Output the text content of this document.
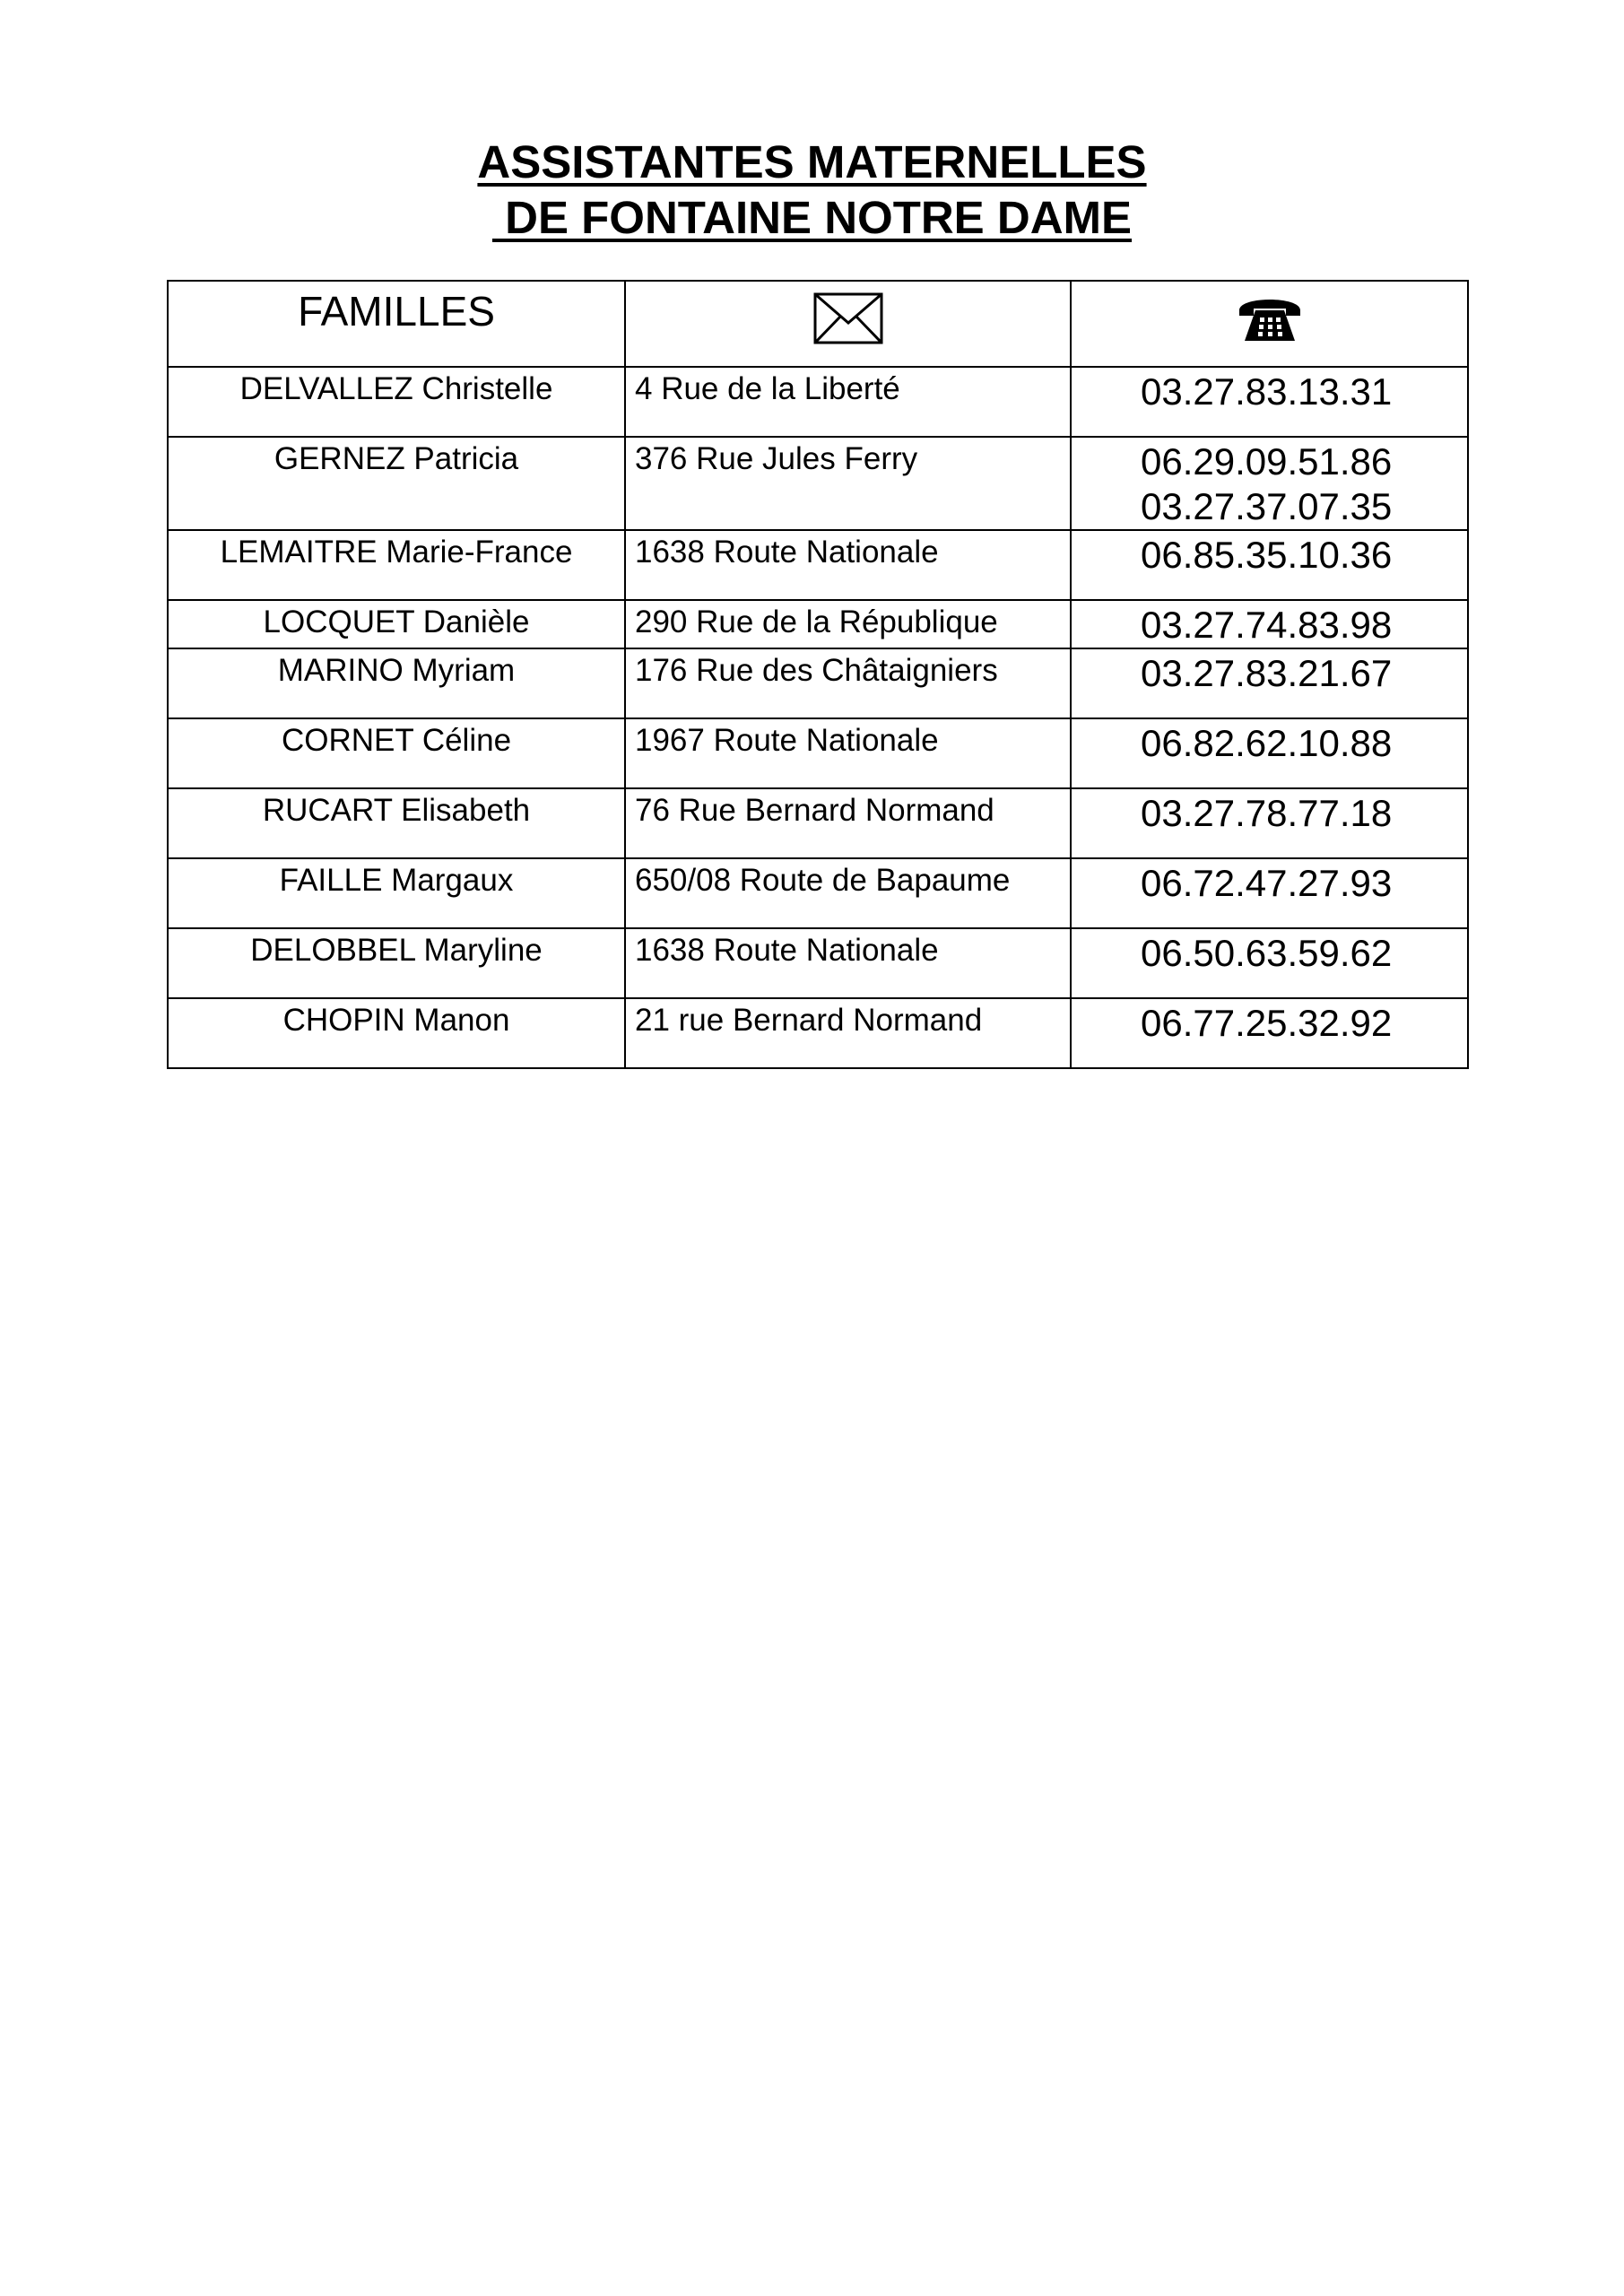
ASSISTANTES MATERNELLES
DE FONTAINE NOTRE DAME
FAMILLES		
DELVALLEZ Christelle	4 Rue de la Liberté	03.27.83.13.31

GERNEZ Patricia	376 Rue Jules Ferry	06.29.09.51.86
03.27.37.07.35

LEMAITRE Marie-France	1638 Route Nationale	06.85.35.10.36

LOCQUET Danièle	290 Rue de la République	03.27.74.83.98

MARINO Myriam	176 Rue des Châtaigniers	03.27.83.21.67

CORNET Céline	1967 Route Nationale	06.82.62.10.88

RUCART Elisabeth	76 Rue Bernard Normand	03.27.78.77.18

FAILLE Margaux	650/08 Route de Bapaume	06.72.47.27.93

DELOBBEL Maryline	1638 Route Nationale	06.50.63.59.62

CHOPIN Manon	21 rue Bernard Normand	06.77.25.32.92
